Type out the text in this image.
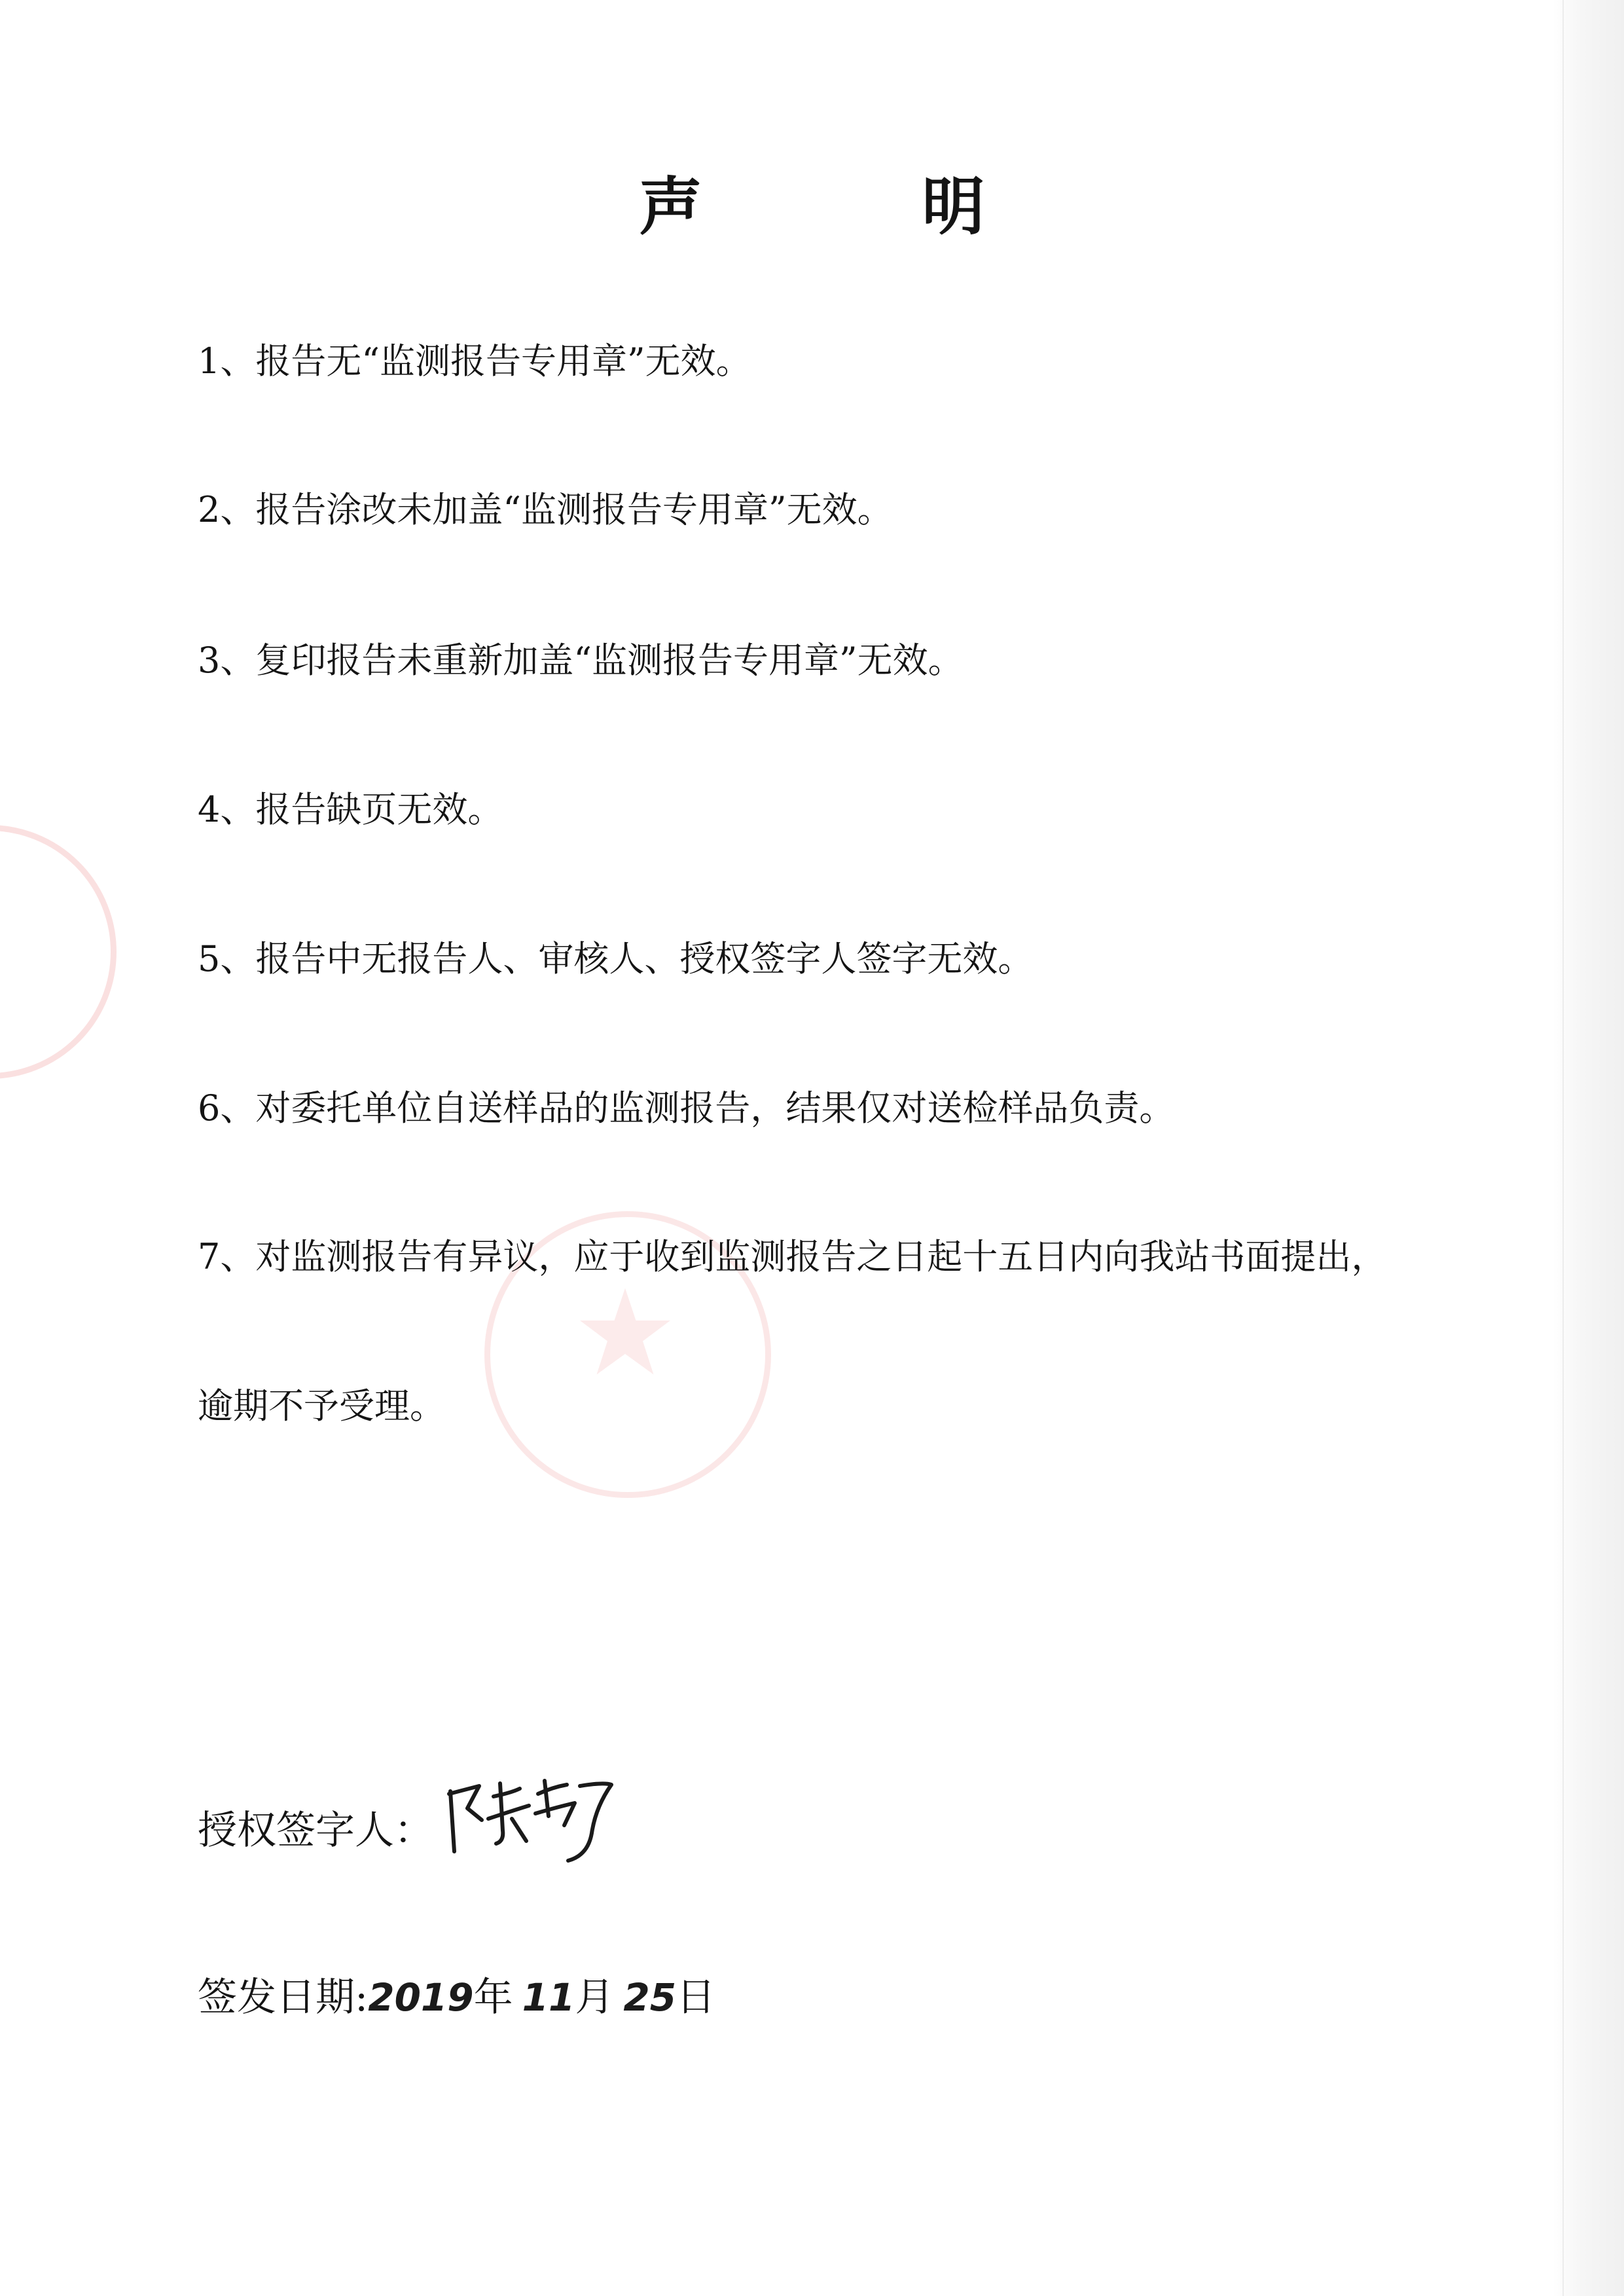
声　明
1、报告无“监测报告专用章”无效。
2、报告涂改未加盖“监测报告专用章”无效。
3、复印报告未重新加盖“监测报告专用章”无效。
4、报告缺页无效。
5、报告中无报告人、审核人、授权签字人签字无效。
6、对委托单位自送样品的监测报告，结果仅对送检样品负责。
7、对监测报告有异议，应于收到监测报告之日起十五日内向我站书面提出，
逾期不予受理。
授权签字人：
签发日期:2019年 11月 25日
